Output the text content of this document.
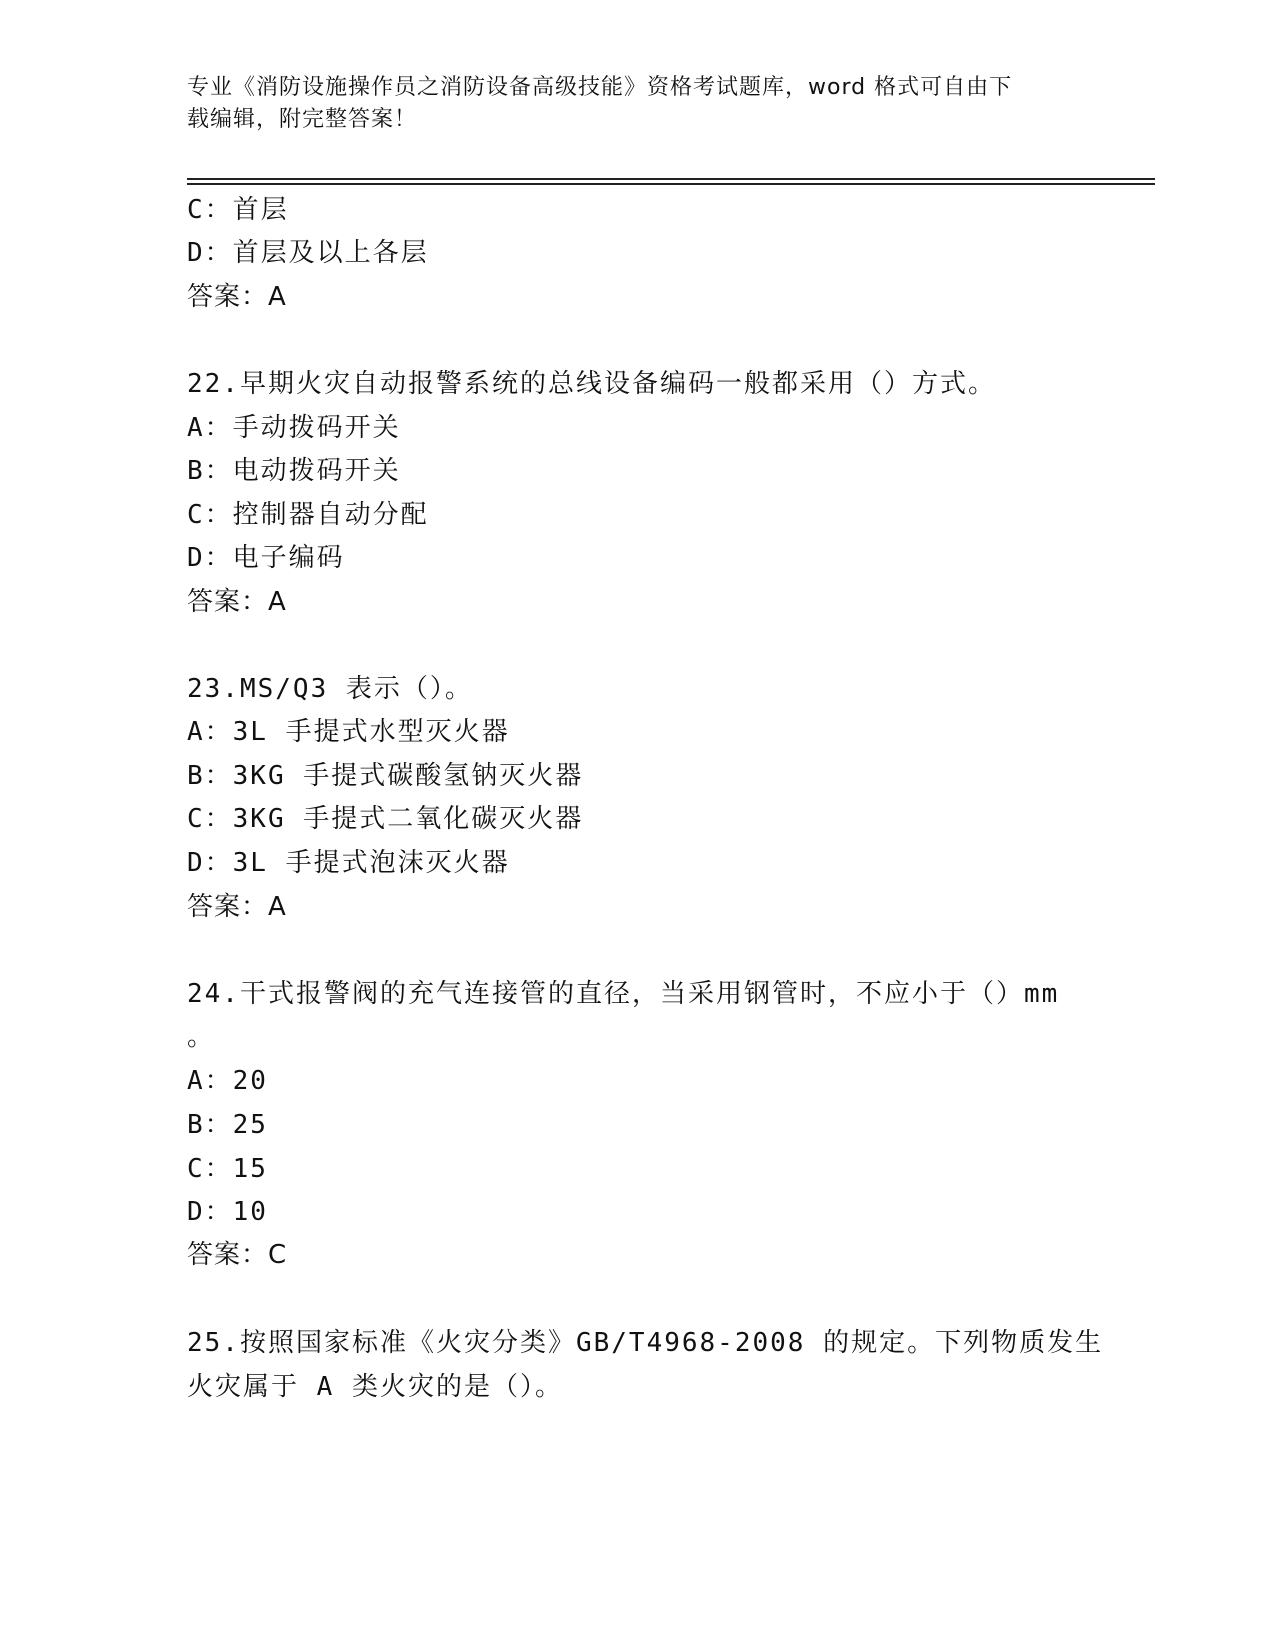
专业《消防设施操作员之消防设备高级技能》资格考试题库，word 格式可自由下
载编辑，附完整答案！
C：首层
D：首层及以上各层
答案：A
22.早期火灾自动报警系统的总线设备编码一般都采用（）方式。
A：手动拨码开关
B：电动拨码开关
C：控制器自动分配
D：电子编码
答案：A
23.MS/Q3 表示（）。
A：3L 手提式水型灭火器
B：3KG 手提式碳酸氢钠灭火器
C：3KG 手提式二氧化碳灭火器
D：3L 手提式泡沫灭火器
答案：A
24.干式报警阀的充气连接管的直径，当采用钢管时，不应小于（）mm
。
A：20
B：25
C：15
D：10
答案：C
25.按照国家标准《火灾分类》GB/T4968-2008 的规定。下列物质发生
火灾属于 A 类火灾的是（）。
